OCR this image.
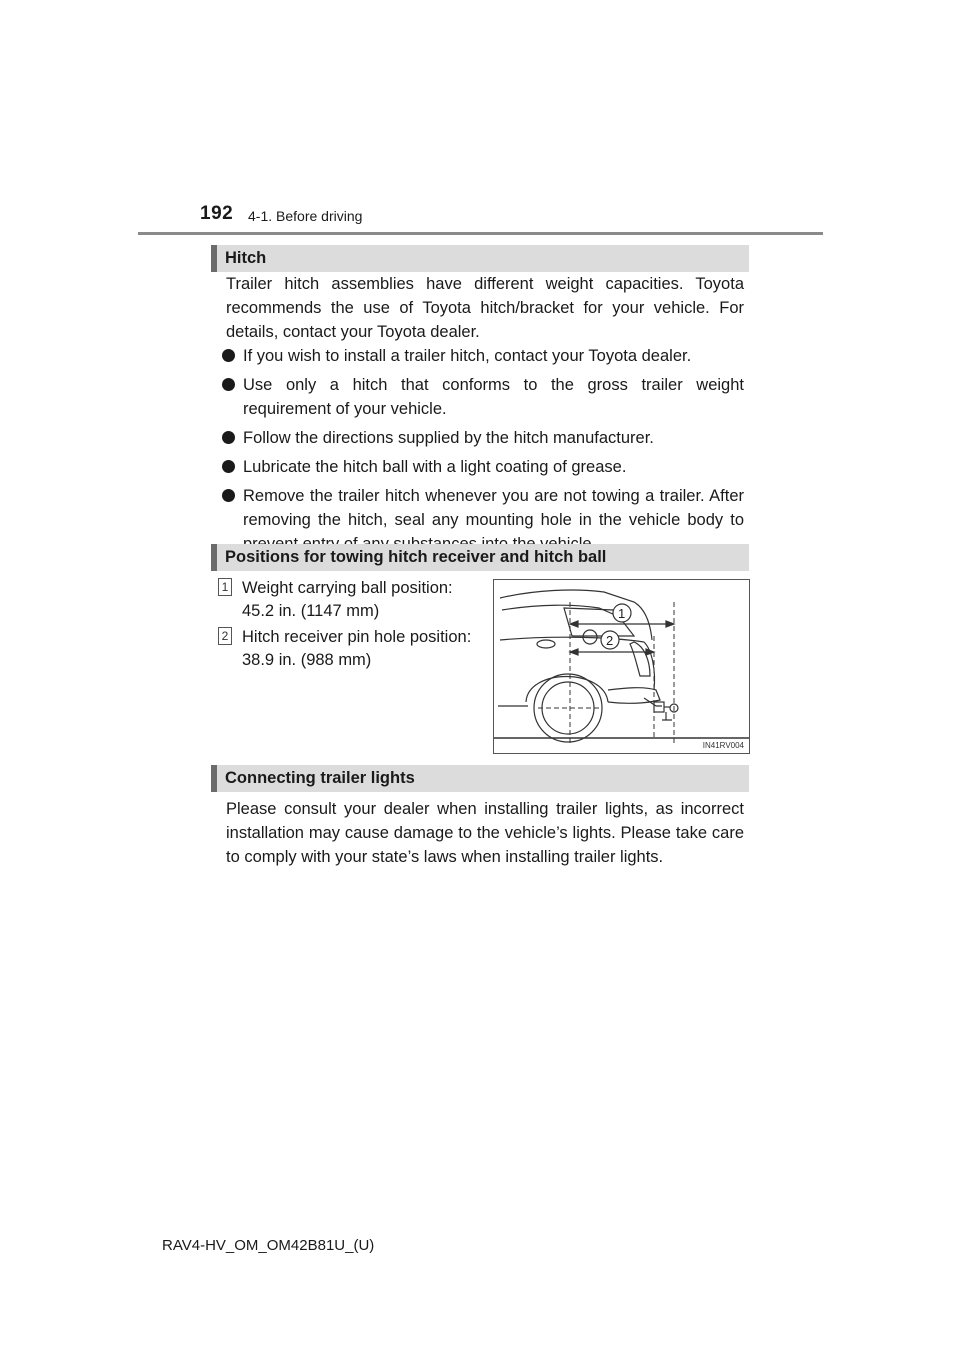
192 4-1. Before driving
Hitch
Trailer hitch assemblies have different weight capacities. Toyota recommends the use of Toyota hitch/bracket for your vehicle. For details, contact your Toyota dealer.
If you wish to install a trailer hitch, contact your Toyota dealer.
Use only a hitch that conforms to the gross trailer weight requirement of your vehicle.
Follow the directions supplied by the hitch manufacturer.
Lubricate the hitch ball with a light coating of grease.
Remove the trailer hitch whenever you are not towing a trailer. After removing the hitch, seal any mounting hole in the vehicle body to
Positions for towing hitch receiver and hitch ball
1 Weight carrying ball position:
45.2 in. (1147 mm)
2 Hitch receiver pin hole position:
38.9 in. (988 mm)
1
2
IN41RV004
Connecting trailer lights
Please consult your dealer when installing trailer lights, as incorrect installation may cause damage to the vehicle’s lights. Please take care to comply with your state’s laws when installing trailer lights.
RAV4-HV_OM_OM42B81U_(U)
